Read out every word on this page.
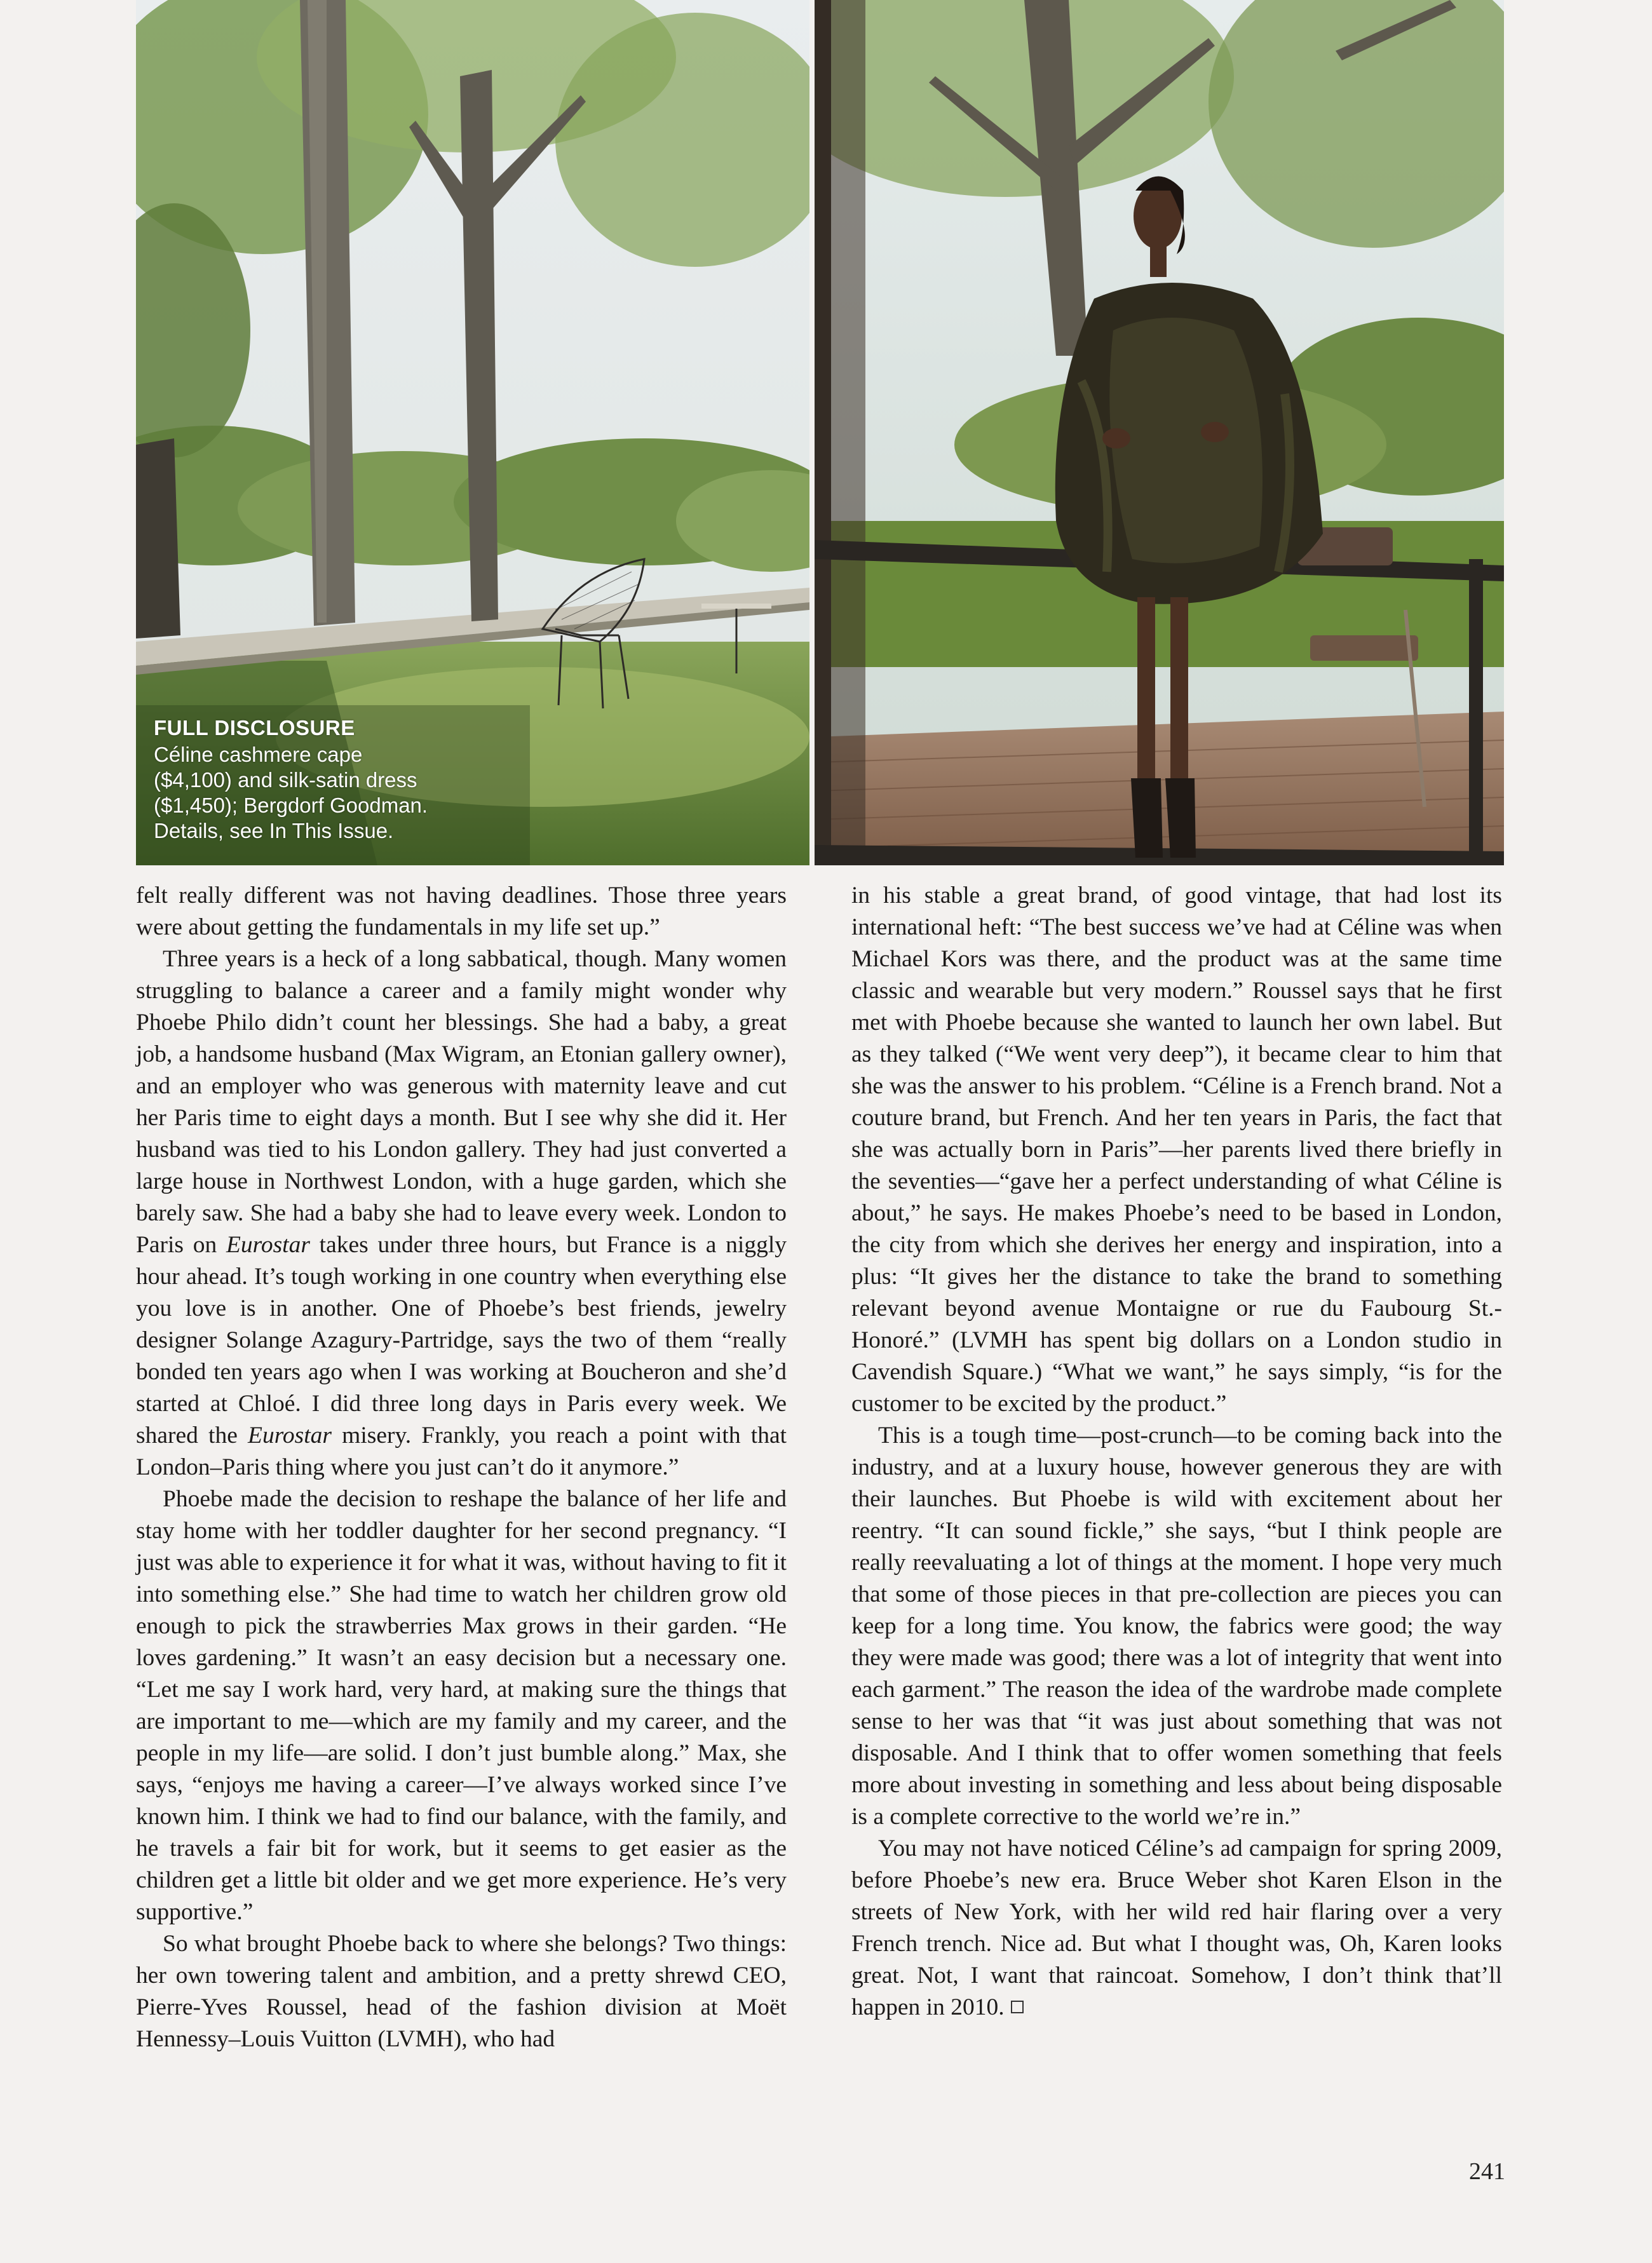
FULL DISCLOSURE
Céline cashmere cape
($4,100) and silk-satin dress
($1,450); Bergdorf Goodman.
Details, see In This Issue.

felt really different was not having deadlines. Those three years were about getting the fundamentals in my life set up.”

Three years is a heck of a long sabbatical, though. Many women struggling to balance a career and a family might wonder why Phoebe Philo didn’t count her blessings. She had a baby, a great job, a handsome husband (Max Wigram, an Etonian gallery owner), and an employer who was generous with maternity leave and cut her Paris time to eight days a month. But I see why she did it. Her husband was tied to his London gallery. They had just converted a large house in Northwest London, with a huge garden, which she barely saw. She had a baby she had to leave every week. London to Paris on Eurostar takes under three hours, but France is a niggly hour ahead. It’s tough working in one country when everything else you love is in another. One of Phoebe’s best friends, jewelry designer Solange Azagury-Partridge, says the two of them “really bonded ten years ago when I was working at Boucheron and she’d started at Chloé. I did three long days in Paris every week. We shared the Eurostar misery. Frankly, you reach a point with that London–Paris thing where you just can’t do it anymore.”

Phoebe made the decision to reshape the balance of her life and stay home with her toddler daughter for her second pregnancy. “I just was able to experience it for what it was, without having to fit it into something else.” She had time to watch her children grow old enough to pick the strawberries Max grows in their garden. “He loves gardening.” It wasn’t an easy decision but a necessary one. “Let me say I work hard, very hard, at making sure the things that are important to me—which are my family and my career, and the people in my life—are solid. I don’t just bumble along.” Max, she says, “enjoys me having a career—I’ve always worked since I’ve known him. I think we had to find our balance, with the family, and he travels a fair bit for work, but it seems to get easier as the children get a little bit older and we get more experience. He’s very supportive.”

So what brought Phoebe back to where she belongs? Two things: her own towering talent and ambition, and a pretty shrewd CEO, Pierre-Yves Roussel, head of the fashion division at Moët Hennessy–Louis Vuitton (LVMH), who had

in his stable a great brand, of good vintage, that had lost its international heft: “The best success we’ve had at Céline was when Michael Kors was there, and the product was at the same time classic and wearable but very modern.” Roussel says that he first met with Phoebe because she wanted to launch her own label. But as they talked (“We went very deep”), it became clear to him that she was the answer to his problem. “Céline is a French brand. Not a couture brand, but French. And her ten years in Paris, the fact that she was actually born in Paris”—her parents lived there briefly in the seventies—“gave her a perfect understanding of what Céline is about,” he says. He makes Phoebe’s need to be based in London, the city from which she derives her energy and inspiration, into a plus: “It gives her the distance to take the brand to something relevant beyond avenue Montaigne or rue du Faubourg St.-Honoré.” (LVMH has spent big dollars on a London studio in Cavendish Square.) “What we want,” he says simply, “is for the customer to be excited by the product.”

This is a tough time—post-crunch—to be coming back into the industry, and at a luxury house, however generous they are with their launches. But Phoebe is wild with excitement about her reentry. “It can sound fickle,” she says, “but I think people are really reevaluating a lot of things at the moment. I hope very much that some of those pieces in that pre-collection are pieces you can keep for a long time. You know, the fabrics were good; the way they were made was good; there was a lot of integrity that went into each garment.” The reason the idea of the wardrobe made complete sense to her was that “it was just about something that was not disposable. And I think that to offer women something that feels more about investing in something and less about being disposable is a complete corrective to the world we’re in.”

You may not have noticed Céline’s ad campaign for spring 2009, before Phoebe’s new era. Bruce Weber shot Karen Elson in the streets of New York, with her wild red hair flaring over a very French trench. Nice ad. But what I thought was, Oh, Karen looks great. Not, I want that raincoat. Somehow, I don’t think that’ll happen in 2010.

241
